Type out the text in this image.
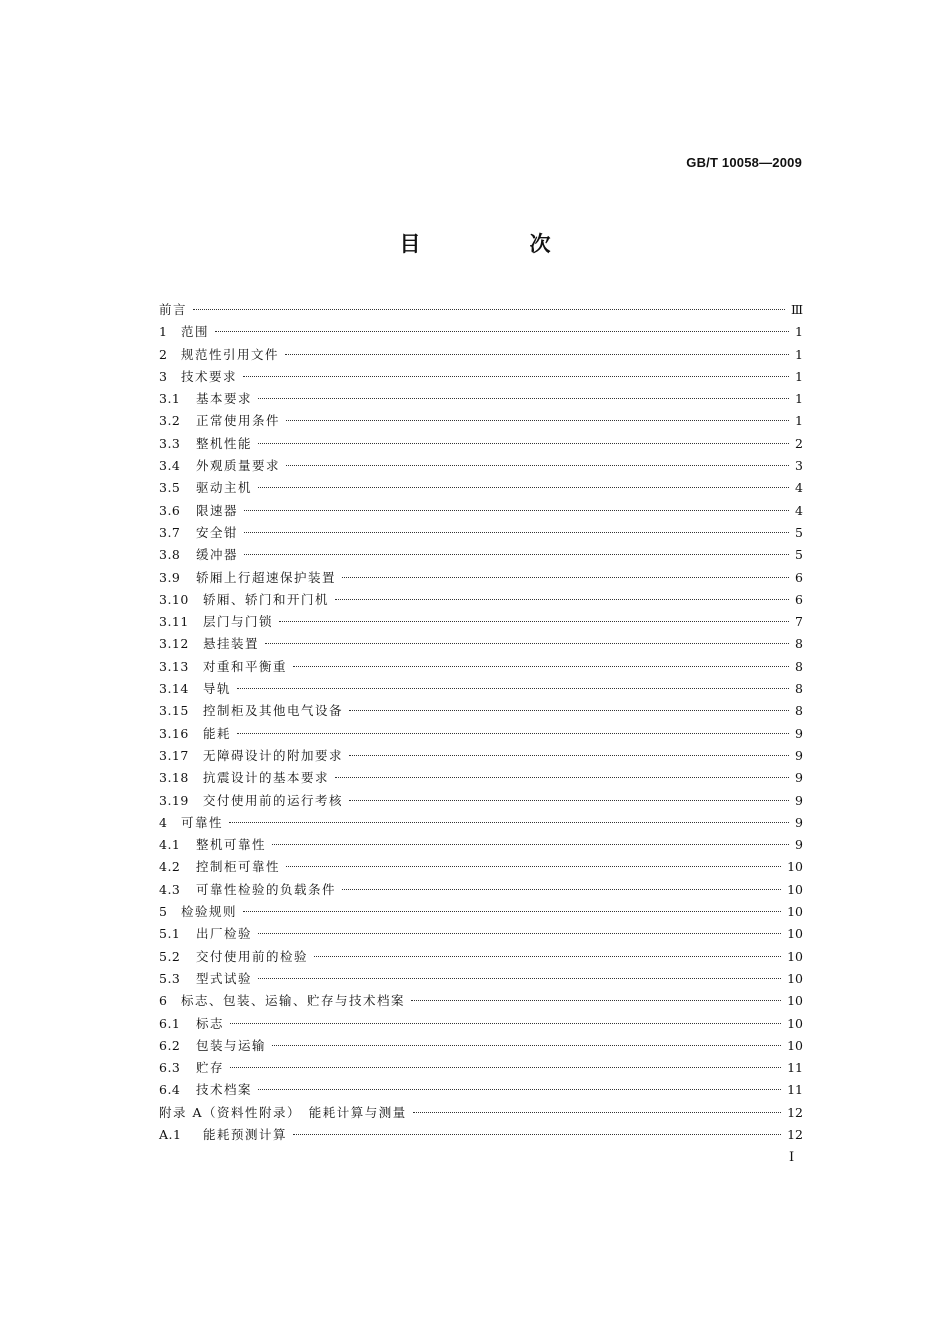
GB/T 10058—2009
目　次
前言	Ⅲ
1	范围	1
2	规范性引用文件	1
3	技术要求	1
3.1	基本要求	1
3.2	正常使用条件	1
3.3	整机性能	2
3.4	外观质量要求	3
3.5	驱动主机	4
3.6	限速器	4
3.7	安全钳	5
3.8	缓冲器	5
3.9	轿厢上行超速保护装置	6
3.10	轿厢、轿门和开门机	6
3.11	层门与门锁	7
3.12	悬挂装置	8
3.13	对重和平衡重	8
3.14	导轨	8
3.15	控制柜及其他电气设备	8
3.16	能耗	9
3.17	无障碍设计的附加要求	9
3.18	抗震设计的基本要求	9
3.19	交付使用前的运行考核	9
4	可靠性	9
4.1	整机可靠性	9
4.2	控制柜可靠性	10
4.3	可靠性检验的负载条件	10
5	检验规则	10
5.1	出厂检验	10
5.2	交付使用前的检验	10
5.3	型式试验	10
6	标志、包装、运输、贮存与技术档案	10
6.1	标志	10
6.2	包装与运输	10
6.3	贮存	11
6.4	技术档案	11
附录 A（资料性附录）　能耗计算与测量	12
A.1	能耗预测计算	12
I
